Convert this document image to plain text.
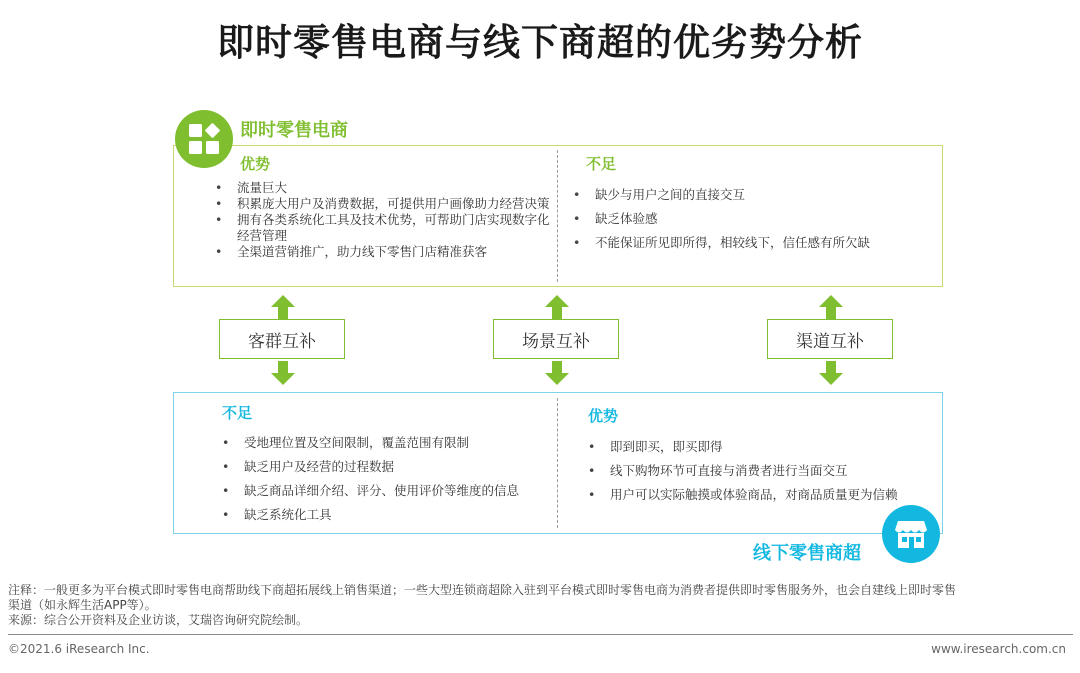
即时零售电商与线下商超的优劣势分析
即时零售电商
优势
• 流量巨大
• 积累庞大用户及消费数据，可提供用户画像助力经营决策
• 拥有各类系统化工具及技术优势，可帮助门店实现数字化经营管理
• 全渠道营销推广，助力线下零售门店精准获客
不足
• 缺少与用户之间的直接交互
• 缺乏体验感
• 不能保证所见即所得，相较线下，信任感有所欠缺
客群互补	场景互补	渠道互补
不足
• 受地理位置及空间限制，覆盖范围有限制
• 缺乏用户及经营的过程数据
• 缺乏商品详细介绍、评分、使用评价等维度的信息
• 缺乏系统化工具
优势
• 即到即买，即买即得
• 线下购物环节可直接与消费者进行当面交互
• 用户可以实际触摸或体验商品，对商品质量更为信赖
线下零售商超
注释：一般更多为平台模式即时零售电商帮助线下商超拓展线上销售渠道；一些大型连锁商超除入驻到平台模式即时零售电商为消费者提供即时零售服务外，也会自建线上即时零售
渠道（如永辉生活APP等）。
来源：综合公开资料及企业访谈，艾瑞咨询研究院绘制。
©2021.6 iResearch Inc.	www.iresearch.com.cn
